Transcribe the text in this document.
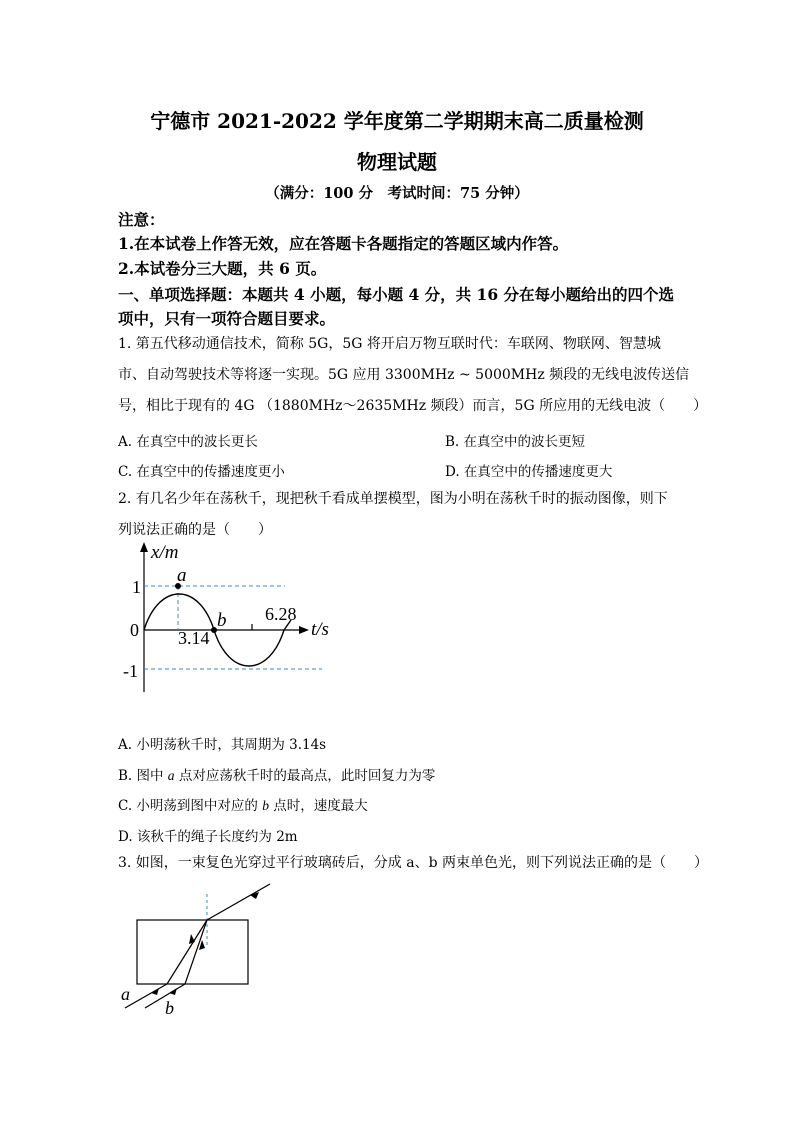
宁德市 2021-2022 学年度第二学期期末高二质量检测
物理试题
（满分：100 分　考试时间：75 分钟）
注意：
1.在本试卷上作答无效，应在答题卡各题指定的答题区域内作答。
2.本试卷分三大题，共 6 页。
一、单项选择题：本题共 4 小题，每小题 4 分，共 16 分在每小题给出的四个选
项中，只有一项符合题目要求。
1. 第五代移动通信技术，简称 5G，5G 将开启万物互联时代：车联网、物联网、智慧城
市、自动驾驶技术等将逐一实现。5G 应用 3300MHz ~ 5000MHz 频段的无线电波传送信
号，相比于现有的 4G （1880MHz～2635MHz 频段）而言，5G 所应用的无线电波（　　）
A. 在真空中的波长更长	B. 在真空中的波长更短
C. 在真空中的传播速度更小	D. 在真空中的传播速度更大
2. 有几名少年在荡秋千，现把秋千看成单摆模型，图为小明在荡秋千时的振动图像，则下
列说法正确的是（　　）
x/m
t/s
1
0
-1
3.14
6.28
a
b
A. 小明荡秋千时，其周期为 3.14s
B. 图中 a 点对应荡秋千时的最高点，此时回复力为零
C. 小明荡到图中对应的 b 点时，速度最大
D. 该秋千的绳子长度约为 2m
3. 如图，一束复色光穿过平行玻璃砖后，分成 a、b 两束单色光，则下列说法正确的是（　　）
a
b
